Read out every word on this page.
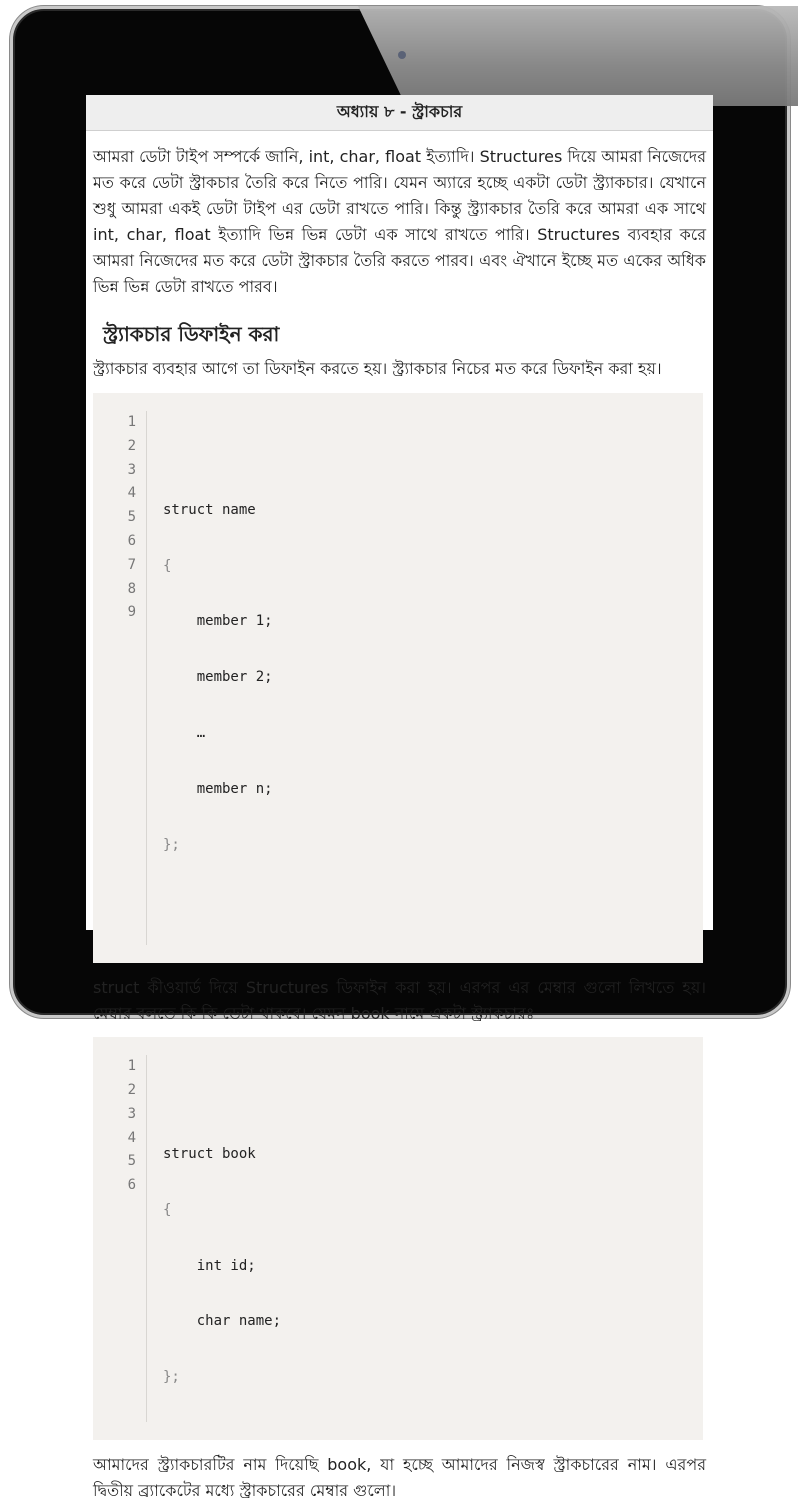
অধ্যায় ৮ - স্ট্রাকচার

আমরা ডেটা টাইপ সম্পর্কে জানি, int, char, float ইত্যাদি। Structures দিয়ে আমরা নিজেদের মত করে ডেটা স্ট্রাকচার তৈরি করে নিতে পারি। যেমন অ্যারে হচ্ছে একটা ডেটা স্ট্র্যাকচার। যেখানে শুধু আমরা একই ডেটা টাইপ এর ডেটা রাখতে পারি। কিন্তু স্ট্র্যাকচার তৈরি করে আমরা এক সাথে int, char, float ইত্যাদি ভিন্ন ভিন্ন ডেটা এক সাথে রাখতে পারি। Structures ব্যবহার করে আমরা নিজেদের মত করে ডেটা স্ট্রাকচার তৈরি করতে পারব। এবং ঐখানে ইচ্ছে মত একের অধিক ভিন্ন ভিন্ন ডেটা রাখতে পারব।

স্ট্র্যাকচার ডিফাইন করা

স্ট্র্যাকচার ব্যবহার আগে তা ডিফাইন করতে হয়। স্ট্র্যাকচার নিচের মত করে ডিফাইন করা হয়।

1
2
3
4
5
6
7
8
9

struct name

{

member 1;

member 2;

…

member n;

};

struct কীওয়ার্ড দিয়ে Structures ডিফাইন করা হয়। এরপর এর মেম্বার গুলো লিখতে হয়। মেম্বার বলতে কি কি ডেটা থাকবে। যেমন book নামে একটা স্ট্র্যাকচারঃ

1
2
3
4
5
6

struct book

{

int id;

char name;

};

আমাদের স্ট্র্যাকচারটির নাম দিয়েছি book, যা হচ্ছে আমাদের নিজস্ব স্ট্রাকচারের নাম। এরপর দ্বিতীয় ব্র্যাকেটের মধ্যে স্ট্রাকচারের মেম্বার গুলো।
